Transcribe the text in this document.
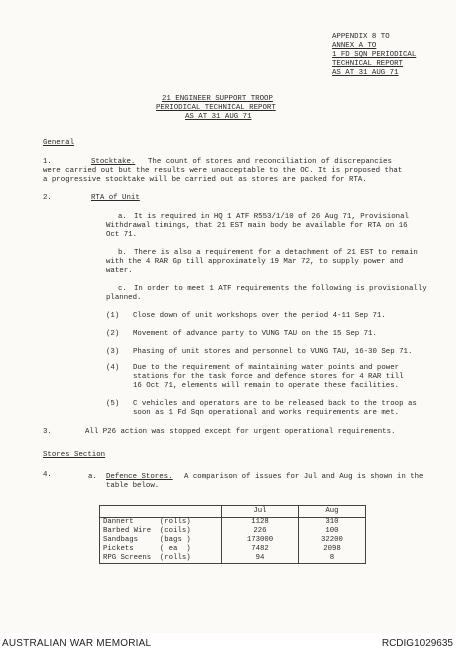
APPENDIX 8 TO
ANNEX A TO
1 FD SQN PERIODICAL
TECHNICAL REPORT
AS AT 31 AUG 71
21 ENGINEER SUPPORT TROOP
PERIODICAL TECHNICAL REPORT
AS AT 31 AUG 71
General
1.	Stocktake. The count of stores and reconciliation of discrepancies
were carried out but the results were unacceptable to the OC. It is proposed that
a progressive stocktake will be carried out as stores are packed for RTA.
2.	RTA of Unit
a. It is required in HQ 1 ATF R553/1/10 of 26 Aug 71, Provisional
Withdrawal timings, that 21 EST main body be available for RTA on 16
Oct 71.
b. There is also a requirement for a detachment of 21 EST to remain
with the 4 RAR Gp till approximately 19 Mar 72, to supply power and
water.
c. In order to meet 1 ATF requirements the following is provisionally
planned.
(1) Close down of unit workshops over the period 4-11 Sep 71.
(2) Movement of advance party to VUNG TAU on the 15 Sep 71.
(3) Phasing of unit stores and personnel to VUNG TAU, 16-30 Sep 71.
(4) Due to the requirement of maintaining water points and power
stations for the task force and defence stores for 4 RAR till
16 Oct 71, elements will remain to operate these facilities.
(5) C vehicles and operators are to be released back to the troop as
soon as 1 Fd Sqn operational and works requirements are met.
3.	All P26 action was stopped except for urgent operational requirements.
Stores Section
4.	a. Defence Stores. A comparison of issues for Jul and Aug is shown in the
table below.
	Jul	Aug
Dannert      (rolls)	1128	310
Barbed Wire  (coils)	226	100
Sandbags     (bags )	173000	32200
Pickets      ( ea  )	7482	2098
RPG Screens  (rolls)	94	8
AUSTRALIAN WAR MEMORIAL	RCDIG1029635
